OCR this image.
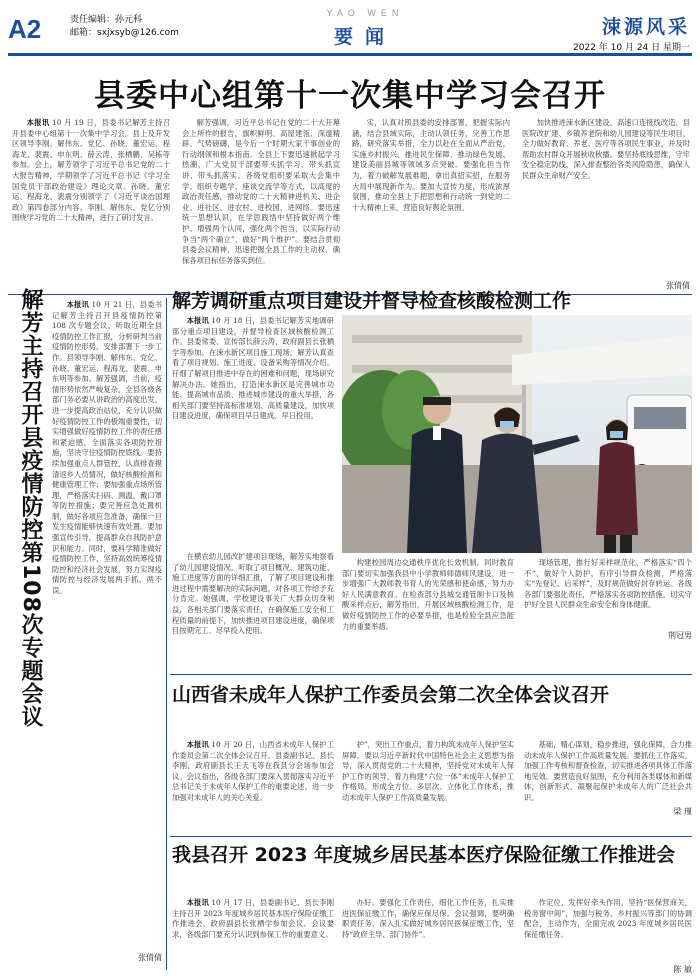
A2	责任编辑：孙元科
邮箱：sxjxsyb@126.com
YAO WEN
要闻	涑源风采
2022 年 10 月 24 日 星期一
县委中心组第十一次集中学习会召开

本报讯 10 月 19 日，县委书记解芳主持召开县委中心组第十一次集中学习会。县上及开发区领导李刚、解伟东、党亿、孙晓、董宏运、程海龙、裴震、申东明、薛云涛、张栖鹏、吴栋等参加。会上，解芳领学了习近平总书记党的二十大报告精神，学期领学了习近平总书记《学习全国党员干部政治建设》理论文章。孙晓、董宏运、程海龙、裴震分别领学了《习近平谈治国理政》第四卷部分内容。李刚、解伟东、党亿分别围绕学习党的二十大精神，进行了研讨发言。

解芳强调，习近平总书记在党的二十大开幕会上所作的报告，旗帜鲜明、高屋建瓴、深邃精辟、气势磅礴，是今后一个时期大家干事创业的行动纲领和根本指南。全县上下要迅速掀起学习热潮，广大党员干部要带头抓学习、带头抓宣讲、带头抓落实。各级党组织要采取大会集中学、组织专题学、座谈交流学等方式，以高度的政治责任感，推动党的二十大精神进机关、进企业、进社区、进农村、进校园、进网络。要迅速统一思想认识，在学思践悟中坚持做好两个维护、增强两个认同，强化两个担当，以实际行动争当“两个确立”、做好“两个维护”。要结合贯彻县委会议精神，迅速把握全县工作的主动权，确保各项目标任务落实到位。

实，认真对照县委的安排部署，把握实际内涵，结合县域实际，主动认领任务，完善工作思路，研究落实举措，全力以赴在全面从严治党，实施乡村振兴、推进民生保障、推动绿色发展、建设美丽县城等领域多点突破。要强化担当作为，着力破解发展难题，拿出真招实招，在服务大局中展现新作为。要加大宣传力度，形成浓厚氛围，推动全县上下把思想和行动统一到党的二十大精神上来，营造良好舆论氛围。

加快推进涑水新区建设、高速口连接线改造、县医院改扩建、乡镇养老院和幼儿园建设等民生项目，全力做好教育、养老、医疗等各项民生事业，并及时帮助农村群众开展秋收秋播。要坚持底线思维，守牢安全稳定防线，深入排查整治各类风险隐患，确保人民群众生命财产安全。

张倩倩
解芳主持召开县疫情防控第108次专题会议	本报讯 10 月 21 日，县委书记解芳主持召开县疫情防控第 108 次专题会议，听取近期全县疫情防控工作汇报，分析研判当前疫情防控形势，安排部署下一步工作。县领导李刚、解伟东、党亿、孙晓、董宏运、程海龙、裴震、申东明等参加。解芳强调，当前，疫情形势依然严峻复杂，全县各级各部门务必要从讲政治的高度出发，进一步提高政治站位，充分认识做好疫情防控工作的极端重要性，切实增强做好疫情防控工作的责任感和紧迫感，全面落实各项防控措施，坚决守住疫情防控底线。要持续加强重点人群管控，认真排查摸清返乡人员情况，做好核酸检测和健康管理工作；要加强重点场所管理，严格落实扫码、测温、戴口罩等防控措施；要完善应急处置机制，做好各项应急准备，确保一旦发生疫情能够快速有效处置。要加强宣传引导，提高群众自我防护意识和能力。同时，要科学精准做好疫情防控工作，坚持高效统筹疫情防控和经济社会发展，努力实现疫情防控与经济发展两手抓、两不误。

张倩倩
解芳调研重点项目建设并督导检查核酸检测工作

本报讯 10 月 18 日，县委书记解芳实地调研部分重点项目建设，并督导检查区域核酸检测工作。县委常委、宣传部长薛云涛，政府副县长张栖学等参加。在涑水新区项目施工现场，解芳认真查看了项目规划、施工进度、设备采购等情况介绍，仔细了解项目推进中存在的困难和问题，现场研究解决办法。她指出，打造涑水新区是完善城市功能、提高城市品质、推进城市建设的重大举措，各相关部门要坚持高标准规划、高质量建设，加快项目建设进度，确保项目早日建成、早日投用。

在横农幼儿园改扩建项目现场，解芳实地察看了幼儿园建设情况，听取了项目概况、建筑功能、施工进度等方面的详细汇报，了解了项目建设和推进过程中需要解决的实际问题，对各项工作给予充分肯定。她强调，学校建设事关广大群众切身利益，各相关部门要落实责任，在确保施工安全和工程质量的前提下，加快推进项目建设进度，确保项目按期完工、尽早投入使用。

构建校园周边交通秩序优化长效机制。同时教育部门要切实加强我县中小学教师师德师风建设，进一步增强广大教师教书育人的光荣感和使命感，努力办好人民满意教育。在检查部分县城交通管制卡口及核酸采样点后，解芳指出，开展区域核酸检测工作，是做好疫情防控工作的必要举措，也是检验全县应急能力的重要举措。

现场管理，推行好采样规范化、严格落实“四个不”，做好个人防护，有序引导群众检测，严格落实“先登记、后采样”，及时规范做好封存转运。各级各部门要强化责任，严格落实各项防控措施，切实守护好全县人民群众生命安全和身体健康。

荆冠男
山西省未成年人保护工作委员会第二次全体会议召开

本报讯 10 月 20 日，山西省未成年人保护工作委员会第二次全体会议召开。县委副书记、县长李刚，政府副县长王天飞等在我县分会场参加会议。会议指出，各级各部门要深入贯彻落实习近平总书记关于未成年人保护工作的重要论述，进一步加强对未成年人的关心关爱。

护”，突出工作重点，着力构筑未成年人保护坚实屏障。要以习近平新时代中国特色社会主义思想为指导，深入贯彻党的二十大精神，坚持党对未成年人保护工作的领导，着力构建“六位一体”未成年人保护工作格局，形成全方位、多层次、立体化工作体系，推动未成年人保护工作高质量发展。

基础，精心谋划，稳步推进，强化保障，合力推动未成年人保护工作高质量发展。要抓住工作落实，加强工作考核和督查检查，切实推进各项具体工作落地见效。要营造良好氛围，充分利用各类媒体和新媒体，创新形式，凝聚起保护未成年人的广泛社会共识。

梁 瑾
我县召开 2023 年度城乡居民基本医疗保险征缴工作推进会

本报讯 10 月 17 日，县委副书记、县长李刚主持召开 2023 年度城乡居民基本医疗保险征缴工作推进会，政府副县长张栖学参加会议。会议要求，各级部门要充分认识到参保工作的重要意义。

办好。要强化工作责任，细化工作任务，扎实推进医保征缴工作，确保应保尽保。会议强调，要明确职责任务，深入扎实做好城乡居民医保征缴工作，坚持“政府主导、部门协作”。

作定位，发挥好牵头作用，坚持“医保营商关，税务窗中间”，加强与税务、乡村振兴等部门的协调配合，主动作为，全面完成 2023 年度城乡居民医保征缴任务。

陈 敏
